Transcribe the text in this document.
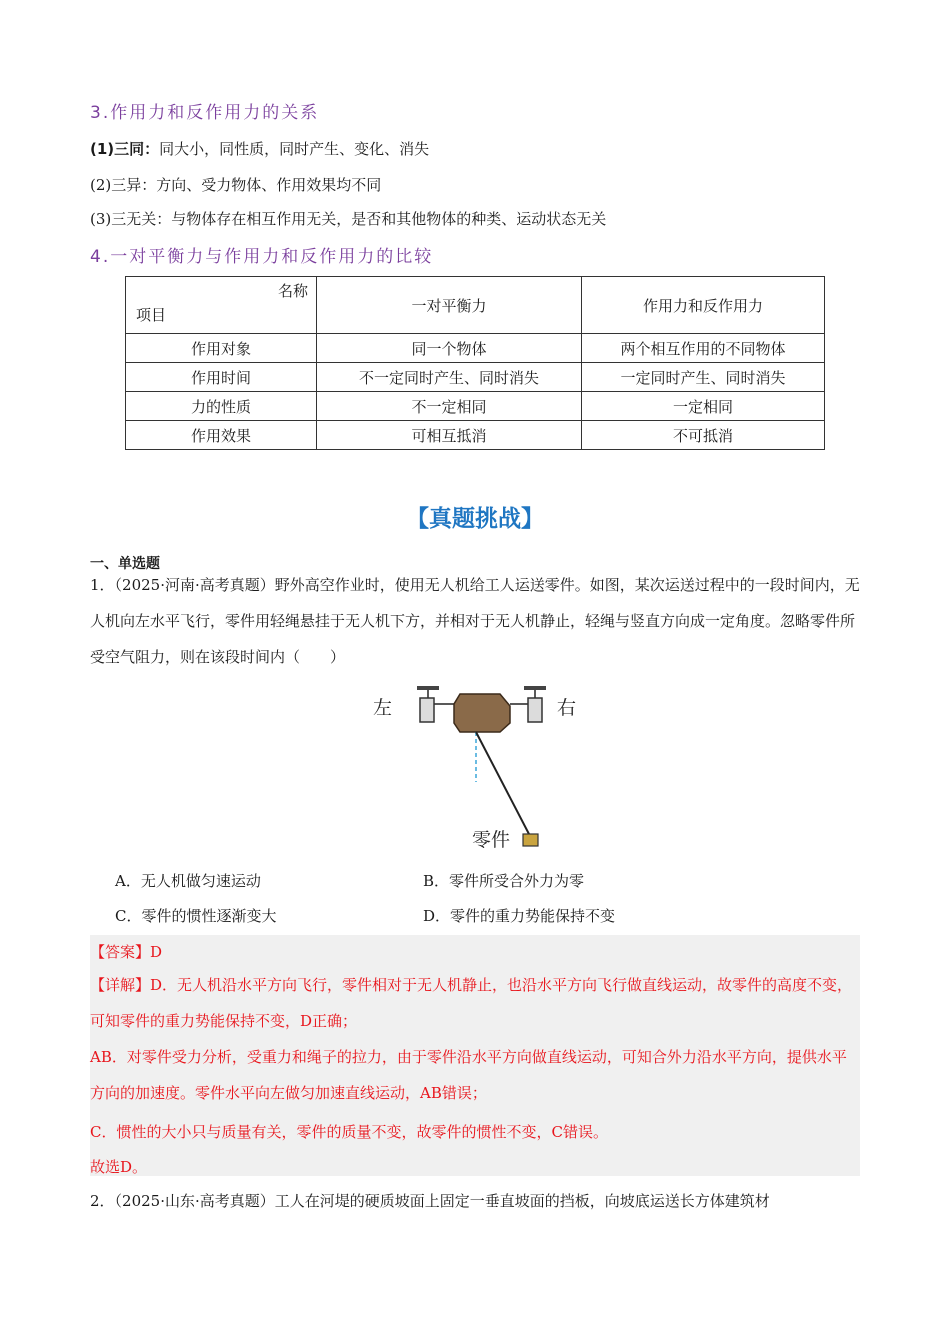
3.作用力和反作用力的关系
(1)三同：同大小，同性质，同时产生、变化、消失
(2)三异：方向、受力物体、作用效果均不同
(3)三无关：与物体存在相互作用无关，是否和其他物体的种类、运动状态无关
4.一对平衡力与作用力和反作用力的比较
名称
项目	一对平衡力	作用力和反作用力
作用对象	同一个物体	两个相互作用的不同物体
作用时间	不一定同时产生、同时消失	一定同时产生、同时消失
力的性质	不一定相同	一定相同
作用效果	可相互抵消	不可抵消
【真题挑战】
一、单选题
1．（2025·河南·高考真题）野外高空作业时，使用无人机给工人运送零件。如图，某次运送过程中的一段时间内，无人机向左水平飞行，零件用轻绳悬挂于无人机下方，并相对于无人机静止，轻绳与竖直方向成一定角度。忽略零件所受空气阻力，则在该段时间内（　　）
左	右
零件
A．无人机做匀速运动	B．零件所受合外力为零
C．零件的惯性逐渐变大	D．零件的重力势能保持不变
【答案】D
【详解】D．无人机沿水平方向飞行，零件相对于无人机静止，也沿水平方向飞行做直线运动，故零件的高度不变，可知零件的重力势能保持不变，D正确；
AB．对零件受力分析，受重力和绳子的拉力，由于零件沿水平方向做直线运动，可知合外力沿水平方向，提供水平方向的加速度。零件水平向左做匀加速直线运动，AB错误；
C．惯性的大小只与质量有关，零件的质量不变，故零件的惯性不变，C错误。
故选D。
2．（2025·山东·高考真题）工人在河堤的硬质坡面上固定一垂直坡面的挡板，向坡底运送长方体建筑材
